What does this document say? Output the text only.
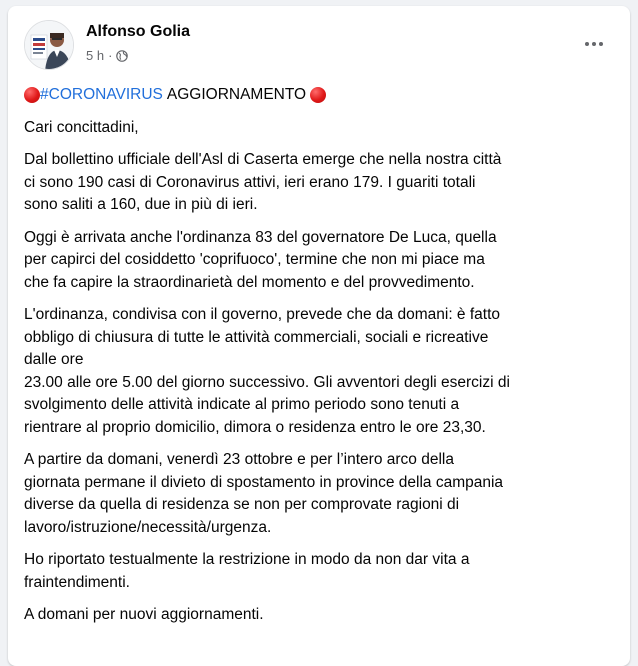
Alfonso Golia
5 h ·

#CORONAVIRUS AGGIORNAMENTO

Cari concittadini,

Dal bollettino ufficiale dell'Asl di Caserta emerge che nella nostra città
ci sono 190 casi di Coronavirus attivi, ieri erano 179. I guariti totali
sono saliti a 160, due in più di ieri.

Oggi è arrivata anche l'ordinanza 83 del governatore De Luca, quella
per capirci del cosiddetto 'coprifuoco', termine che non mi piace ma
che fa capire la straordinarietà del momento e del provvedimento.

L'ordinanza, condivisa con il governo, prevede che da domani: è fatto
obbligo di chiusura di tutte le attività commerciali, sociali e ricreative
dalle ore
23.00 alle ore 5.00 del giorno successivo. Gli avventori degli esercizi di
svolgimento delle attività indicate al primo periodo sono tenuti a
rientrare al proprio domicilio, dimora o residenza entro le ore 23,30.

A partire da domani, venerdì 23 ottobre e per l’intero arco della
giornata permane il divieto di spostamento in province della campania
diverse da quella di residenza se non per comprovate ragioni di
lavoro/istruzione/necessità/urgenza.

Ho riportato testualmente la restrizione in modo da non dar vita a
fraintendimenti.

A domani per nuovi aggiornamenti.
